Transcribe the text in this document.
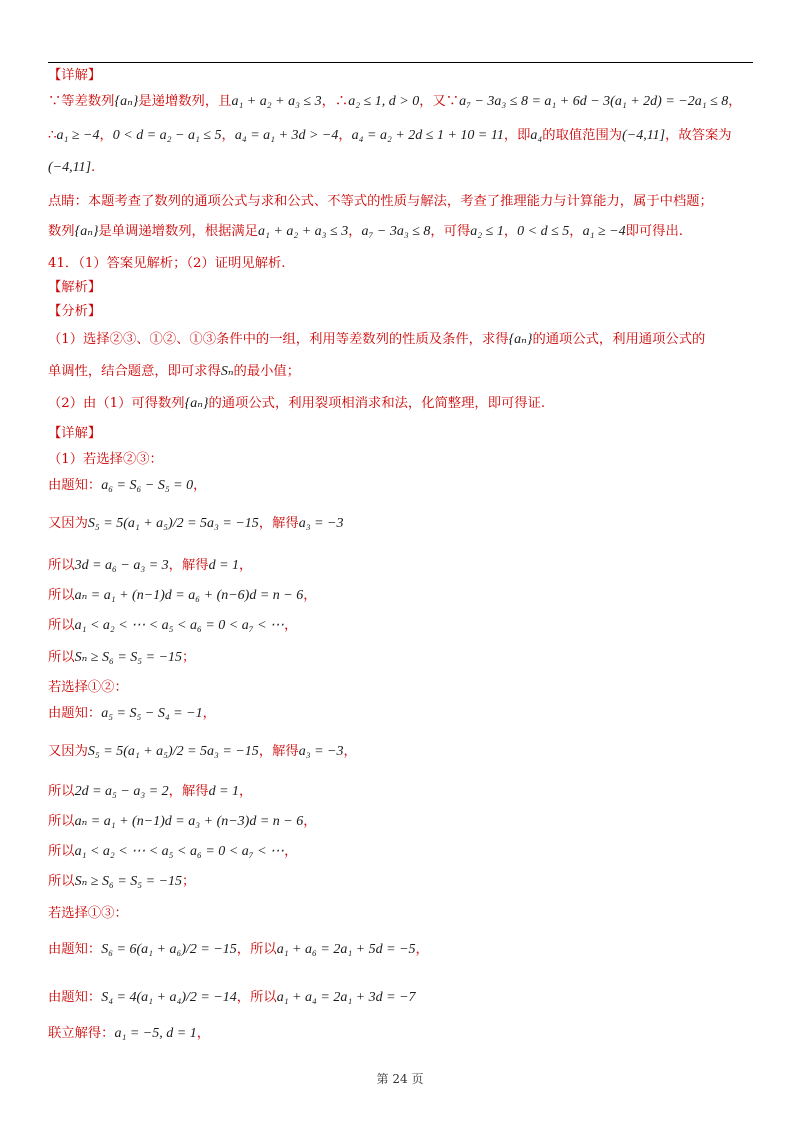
【详解】
∵等差数列{aₙ}是递增数列，且a₁ + a₂ + a₃ ≤ 3，∴a₂ ≤ 1, d > 0，又∵a₇ − 3a₃ ≤ 8 = a₁ + 6d − 3(a₁ + 2d) = −2a₁ ≤ 8，
∴a₁ ≥ −4，0 < d = a₂ − a₁ ≤ 5，a₄ = a₁ + 3d > −4，a₄ = a₂ + 2d ≤ 1 + 10 = 11，即a₄的取值范围为(−4,11]，故答案为
(−4,11].
点睛：本题考查了数列的通项公式与求和公式、不等式的性质与解法，考查了推理能力与计算能力，属于中档题；
数列{aₙ}是单调递增数列，根据满足a₁ + a₂ + a₃ ≤ 3，a₇ − 3a₃ ≤ 8，可得a₂ ≤ 1，0 < d ≤ 5，a₁ ≥ −4即可得出.
41．（1）答案见解析；（2）证明见解析.
【解析】
【分析】
（1）选择②③、①②、①③条件中的一组，利用等差数列的性质及条件，求得{aₙ}的通项公式，利用通项公式的
单调性，结合题意，即可求得Sₙ的最小值；
（2）由（1）可得数列{aₙ}的通项公式，利用裂项相消求和法，化简整理，即可得证.
【详解】
（1）若选择②③：
由题知：a₆ = S₆ − S₅ = 0，
又因为S₅ = 5(a₁ + a₅)/2 = 5a₃ = −15，解得a₃ = −3
所以3d = a₆ − a₃ = 3，解得d = 1，
所以aₙ = a₁ + (n−1)d = a₆ + (n−6)d = n − 6，
所以a₁ < a₂ < ⋯ < a₅ < a₆ = 0 < a₇ < ⋯，
所以Sₙ ≥ S₆ = S₅ = −15；
若选择①②：
由题知：a₅ = S₅ − S₄ = −1，
又因为S₅ = 5(a₁ + a₅)/2 = 5a₃ = −15，解得a₃ = −3，
所以2d = a₅ − a₃ = 2，解得d = 1，
所以aₙ = a₁ + (n−1)d = a₃ + (n−3)d = n − 6，
所以a₁ < a₂ < ⋯ < a₅ < a₆ = 0 < a₇ < ⋯，
所以Sₙ ≥ S₆ = S₅ = −15；
若选择①③：
由题知：S₆ = 6(a₁ + a₆)/2 = −15，所以a₁ + a₆ = 2a₁ + 5d = −5，
由题知：S₄ = 4(a₁ + a₄)/2 = −14，所以a₁ + a₄ = 2a₁ + 3d = −7
联立解得：a₁ = −5, d = 1，
第 24 页
